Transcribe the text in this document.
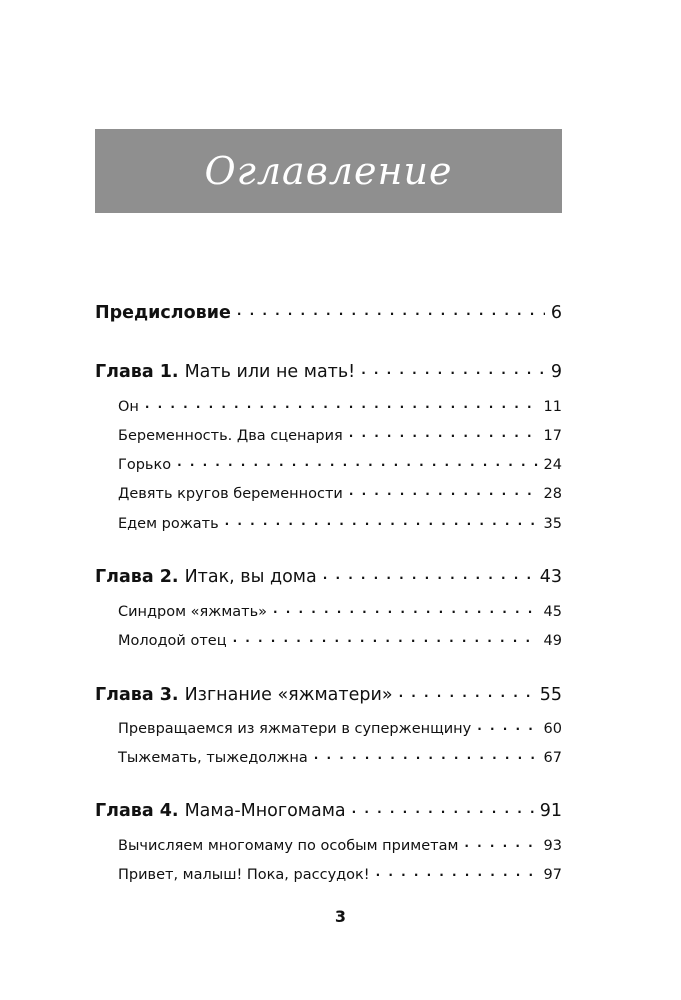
Оглавление
Предисловие . . .	6
Глава 1. Мать или не мать! . . .	9
Он . . .	11
Беременность. Два сценария . . .	17
Горько . . .	24
Девять кругов беременности . . .	28
Едем рожать . . .	35
Глава 2. Итак, вы дома . . .	43
Синдром «яжмать» . . .	45
Молодой отец . . .	49
Глава 3. Изгнание «яжматери» . . .	55
Превращаемся из яжматери в суперженщину . . .	60
Тыжемать, тыжедолжна . . .	67
Глава 4. Мама-Многомама . . .	91
Вычисляем многомаму по особым приметам . . .	93
Привет, малыш! Пока, рассудок! . . .	97
3
